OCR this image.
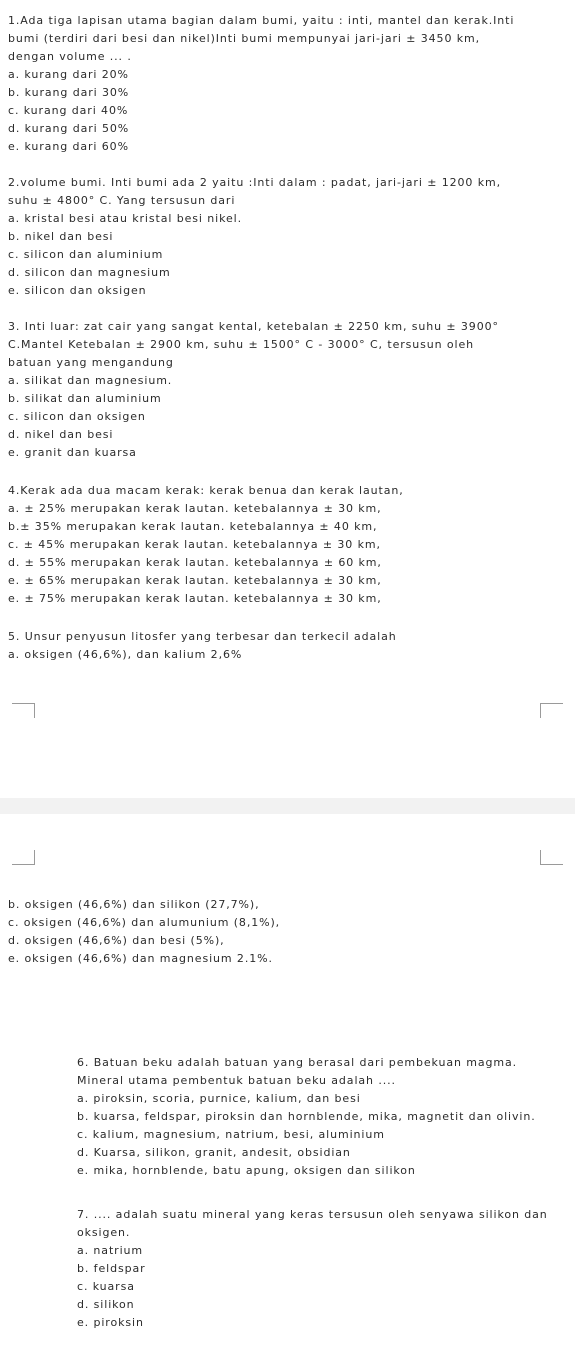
1.Ada tiga lapisan utama bagian dalam bumi, yaitu : inti, mantel dan kerak.Inti
bumi (terdiri dari besi dan nikel)Inti bumi mempunyai jari-jari ± 3450 km,
dengan volume ... .
a. kurang dari 20%
b. kurang dari 30%
c. kurang dari 40%
d. kurang dari 50%
e. kurang dari 60%
2.volume bumi. Inti bumi ada 2 yaitu :Inti dalam : padat, jari-jari ± 1200 km,
suhu ± 4800° C. Yang tersusun dari
a. kristal besi atau kristal besi nikel.
b. nikel dan besi
c. silicon dan aluminium
d. silicon dan magnesium
e. silicon dan oksigen
3. Inti luar: zat cair yang sangat kental, ketebalan ± 2250 km, suhu ± 3900°
C.Mantel Ketebalan ± 2900 km, suhu ± 1500° C - 3000° C, tersusun oleh
batuan yang mengandung
a. silikat dan magnesium.
b. silikat dan aluminium
c. silicon dan oksigen
d. nikel dan besi
e. granit dan kuarsa
4.Kerak ada dua macam kerak: kerak benua dan kerak lautan,
a. ± 25% merupakan kerak lautan. ketebalannya ± 30 km,
b.± 35% merupakan kerak lautan. ketebalannya ± 40 km,
c. ± 45% merupakan kerak lautan. ketebalannya ± 30 km,
d. ± 55% merupakan kerak lautan. ketebalannya ± 60 km,
e. ± 65% merupakan kerak lautan. ketebalannya ± 30 km,
e. ± 75% merupakan kerak lautan. ketebalannya ± 30 km,
5. Unsur penyusun litosfer yang terbesar dan terkecil adalah
a. oksigen (46,6%), dan kalium 2,6%
b. oksigen (46,6%) dan silikon (27,7%),
c. oksigen (46,6%) dan alumunium (8,1%),
d. oksigen (46,6%) dan besi (5%),
e. oksigen (46,6%) dan magnesium 2.1%.
6. Batuan beku adalah batuan yang berasal dari pembekuan magma.
Mineral utama pembentuk batuan beku adalah ....
a. piroksin, scoria, purnice, kalium, dan besi
b. kuarsa, feldspar, piroksin dan hornblende, mika, magnetit dan olivin.
c. kalium, magnesium, natrium, besi, aluminium
d. Kuarsa, silikon, granit, andesit, obsidian
e. mika, hornblende, batu apung, oksigen dan silikon
7. .... adalah suatu mineral yang keras tersusun oleh senyawa silikon dan
oksigen.
a. natrium
b. feldspar
c. kuarsa
d. silikon
e. piroksin
